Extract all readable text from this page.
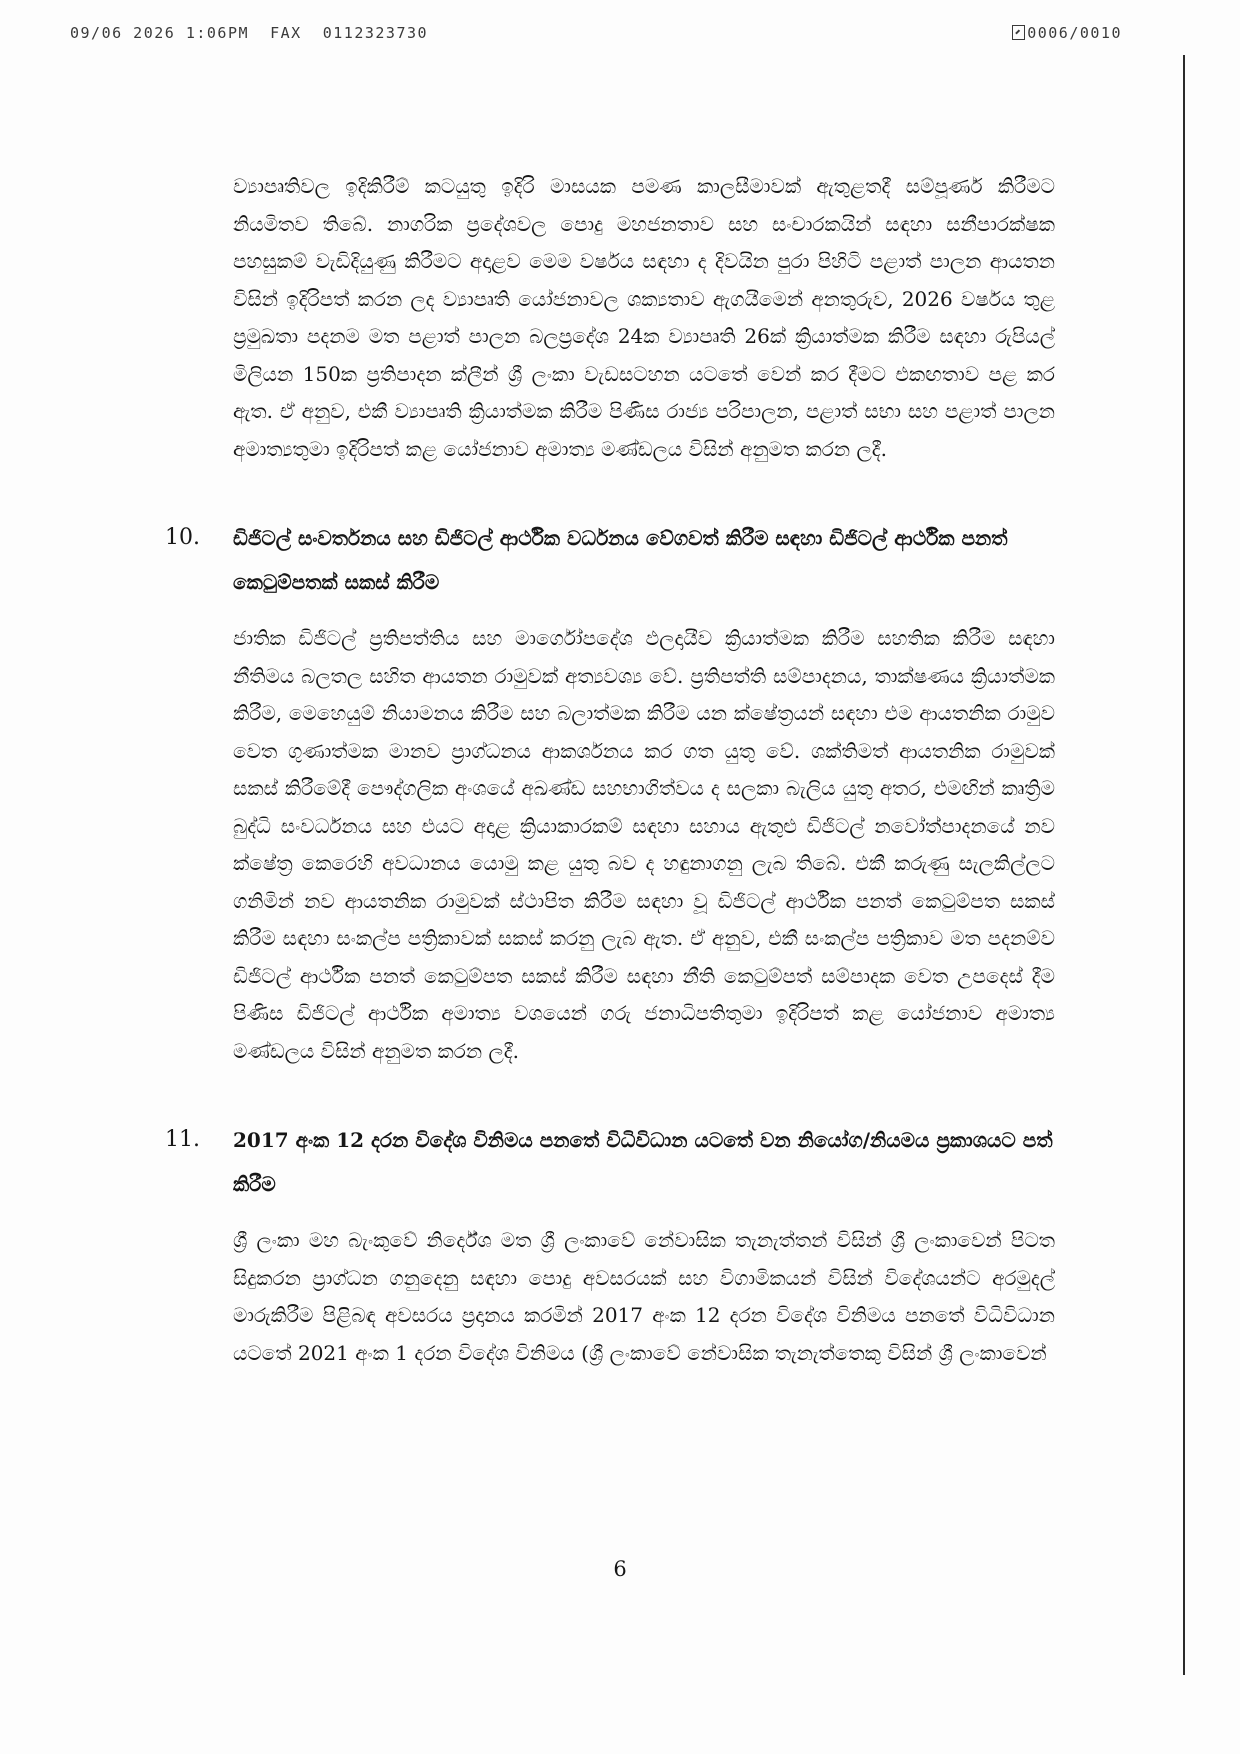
09/06 2026 1:06PM  FAX  0112323730	0006/0010

ව්‍යාපෘතිවල ඉදිකිරීම් කටයුතු ඉදිරි මාසයක පමණ කාලසීමාවක් ඇතුළතදී සම්පූර්ණ කිරීමට නියමිතව තිබේ. නාගරික ප්‍රදේශවල පොදු මහජනතාව සහ සංචාරකයින් සඳහා සනීපාරක්ෂක පහසුකම් වැඩිදියුණු කිරීමට අදාළව මෙම වර්ෂය සඳහා ද දිවයින පුරා පිහිටි පළාත් පාලන ආයතන විසින් ඉදිරිපත් කරන ලද ව්‍යාපෘති යෝජනාවල ශක්‍යතාව ඇගයීමෙන් අනතුරුව, 2026 වර්ෂය තුළ ප්‍රමුඛතා පදනම මත පළාත් පාලන බලප්‍රදේශ 24ක ව්‍යාපෘති 26ක් ක්‍රියාත්මක කිරීම සඳහා රුපියල් මිලියන 150ක ප්‍රතිපාදන ක්ලීන් ශ්‍රී ලංකා වැඩසටහන යටතේ වෙන් කර දීමට එකඟතාව පළ කර ඇත. ඒ අනුව, එකී ව්‍යාපෘති ක්‍රියාත්මක කිරීම පිණිස රාජ්‍ය පරිපාලන, පළාත් සභා සහ පළාත් පාලන අමාත්‍යතුමා ඉදිරිපත් කළ යෝජනාව අමාත්‍ය මණ්ඩලය විසින් අනුමත කරන ලදී.

10. ඩිජිටල් සංවර්තනය සහ ඩිජිටල් ආර්ථික වර්ධනය වේගවත් කිරීම සඳහා ඩිජිටල් ආර්ථික පනත් කෙටුම්පතක් සකස් කිරීම

ජාතික ඩිජිටල් ප්‍රතිපත්තිය සහ මාර්ගෝපදේශ ඵලදායීව ක්‍රියාත්මක කිරීම සහතික කිරීම සඳහා නීතිමය බලතල සහිත ආයතන රාමුවක් අත්‍යවශ්‍ය වේ. ප්‍රතිපත්ති සම්පාදනය, තාක්ෂණය ක්‍රියාත්මක කිරීම, මෙහෙයුම් නියාමනය කිරීම සහ බලාත්මක කිරීම යන ක්ෂේත්‍රයන් සඳහා එම ආයතනික රාමුව වෙත ගුණාත්මක මානව ප්‍රාග්ධනය ආකර්ශනය කර ගත යුතු වේ. ශක්තිමත් ආයතනික රාමුවක් සකස් කිරීමේදී පෞද්ගලික අංශයේ අඛණ්ඩ සහභාගිත්වය ද සලකා බැලිය යුතු අතර, එමඟින් කෘත්‍රිම බුද්ධි සංවර්ධනය සහ එයට අදාළ ක්‍රියාකාරකම් සඳහා සහාය ඇතුළු ඩිජිටල් නවෝත්පාදනයේ නව ක්ෂේත්‍ර කෙරෙහි අවධානය යොමු කළ යුතු බව ද හඳුනාගනු ලැබ තිබේ. එකී කරුණු සැලකිල්ලට ගනිමින් නව ආයතනික රාමුවක් ස්ථාපිත කිරීම සඳහා වූ ඩිජිටල් ආර්ථික පනත් කෙටුම්පත සකස් කිරීම සඳහා සංකල්ප පත්‍රිකාවක් සකස් කරනු ලැබ ඇත. ඒ අනුව, එකී සංකල්ප පත්‍රිකාව මත පදනම්ව ඩිජිටල් ආර්ථික පනත් කෙටුම්පත සකස් කිරීම සඳහා නීති කෙටුම්පත් සම්පාදක වෙත උපදෙස් දීම පිණිස ඩිජිටල් ආර්ථික අමාත්‍ය වශයෙන් ගරු ජනාධිපතිතුමා ඉදිරිපත් කළ යෝජනාව අමාත්‍ය මණ්ඩලය විසින් අනුමත කරන ලදී.

11. 2017 අංක 12 දරන විදේශ විනිමය පනතේ විධිවිධාන යටතේ වන නියෝග/නියමය ප්‍රකාශයට පත් කිරීම

ශ්‍රී ලංකා මහ බැංකුවේ නිර්දේශ මත ශ්‍රී ලංකාවේ නේවාසික තැනැත්තන් විසින් ශ්‍රී ලංකාවෙන් පිටත සිදුකරන ප්‍රාග්ධන ගනුදෙනු සඳහා පොදු අවසරයක් සහ විගාමිකයන් විසින් විදේශයන්ට අරමුදල් මාරුකිරීම පිළිබඳ අවසරය ප්‍රදානය කරමින් 2017 අංක 12 දරන විදේශ විනිමය පනතේ විධිවිධාන යටතේ 2021 අංක 1 දරන විදේශ විනිමය (ශ්‍රී ලංකාවේ නේවාසික තැනැත්තෙකු විසින් ශ්‍රී ලංකාවෙන්

6
